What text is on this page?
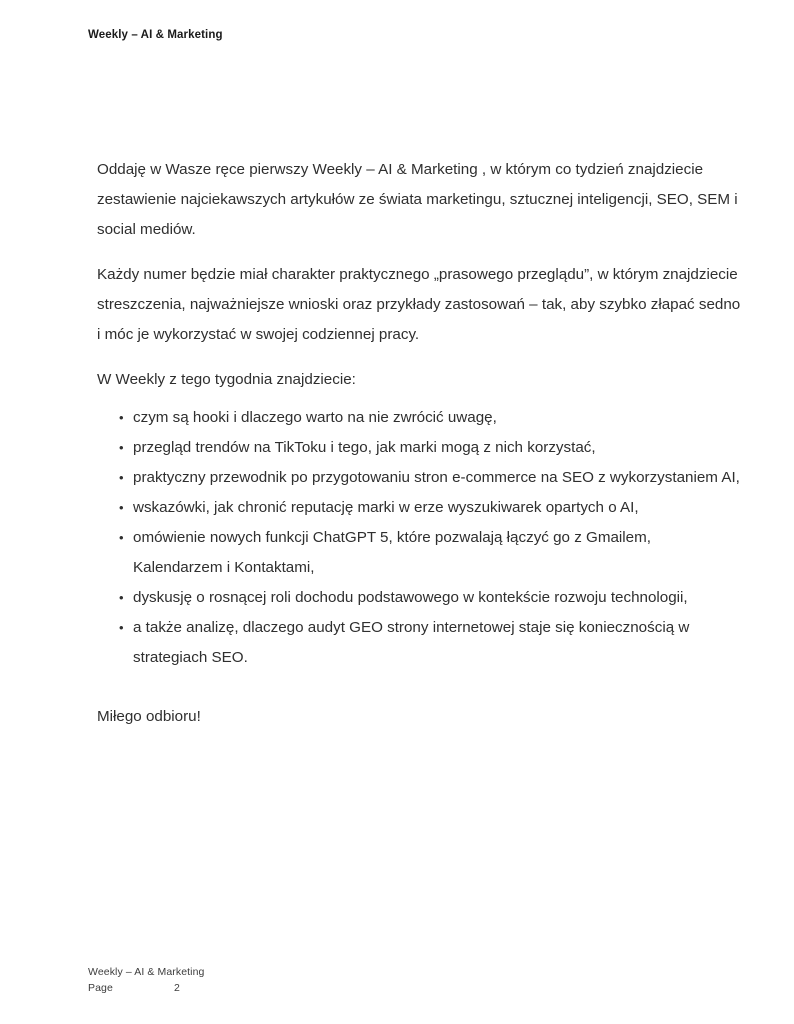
Weekly – AI & Marketing

Oddaję w Wasze ręce pierwszy Weekly – AI & Marketing , w którym co tydzień znajdziecie zestawienie najciekawszych artykułów ze świata marketingu, sztucznej inteligencji, SEO, SEM i social mediów.

Każdy numer będzie miał charakter praktycznego „prasowego przeglądu”, w którym znajdziecie streszczenia, najważniejsze wnioski oraz przykłady zastosowań – tak, aby szybko złapać sedno i móc je wykorzystać w swojej codziennej pracy.

W Weekly z tego tygodnia znajdziecie:

• czym są hooki i dlaczego warto na nie zwrócić uwagę,
• przegląd trendów na TikToku i tego, jak marki mogą z nich korzystać,
• praktyczny przewodnik po przygotowaniu stron e-commerce na SEO z wykorzystaniem AI,
• wskazówki, jak chronić reputację marki w erze wyszukiwarek opartych o AI,
• omówienie nowych funkcji ChatGPT 5, które pozwalają łączyć go z Gmailem, Kalendarzem i Kontaktami,
• dyskusję o rosnącej roli dochodu podstawowego w kontekście rozwoju technologii,
• a także analizę, dlaczego audyt GEO strony internetowej staje się koniecznością w strategiach SEO.

Miłego odbioru!

Weekly – AI & Marketing
Page	2
